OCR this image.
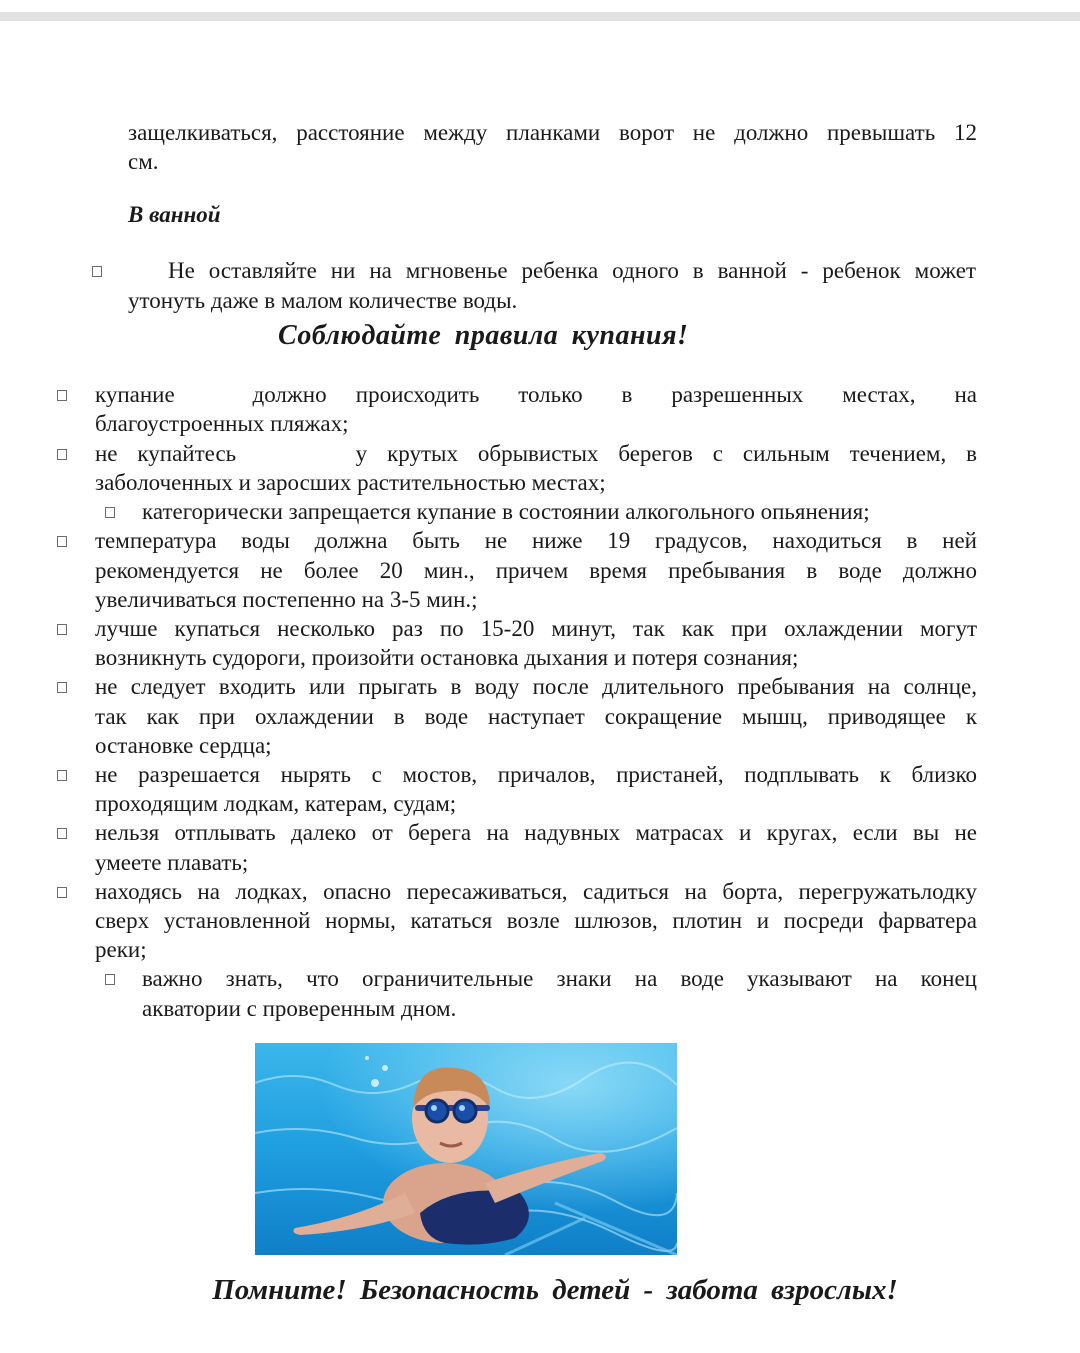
защелкиваться, расстояние между планками ворот не должно превышать 12
см.
В ванной
Не оставляйте ни на мгновенье ребенка одного в ванной - ребенок может
утонуть даже в малом количестве воды.
Соблюдайте правила купания!
купание        должно   происходить    только    в    разрешенных    местах,    на
благоустроенных пляжах;
не купайтесь      у крутых обрывистых берегов с сильным течением, в
заболоченных и заросших растительностью местах;
категорически запрещается купание в состоянии алкогольного опьянения;
температура воды должна быть не ниже 19 градусов, находиться в ней
рекомендуется не более 20 мин., причем время пребывания в воде должно
увеличиваться постепенно на 3-5 мин.;
лучше купаться несколько раз по 15-20 минут, так как при охлаждении могут
возникнуть судороги, произойти остановка дыхания и потеря сознания;
не следует входить или прыгать в воду после длительного пребывания на солнце,
так как при охлаждении в воде наступает сокращение мышц, приводящее к
остановке сердца;
не разрешается нырять с мостов, причалов, пристаней, подплывать к близко
проходящим лодкам, катерам, судам;
нельзя отплывать далеко от берега на надувных матрасах и кругах, если вы не
умеете плавать;
находясь на лодках, опасно пересаживаться, садиться на борта, перегружатьлодку
сверх установленной нормы, кататься возле шлюзов, плотин и посреди фарватера
реки;
важно знать, что ограничительные знаки на воде указывают на конец
акватории с проверенным дном.
Помните! Безопасность детей - забота взрослых!
